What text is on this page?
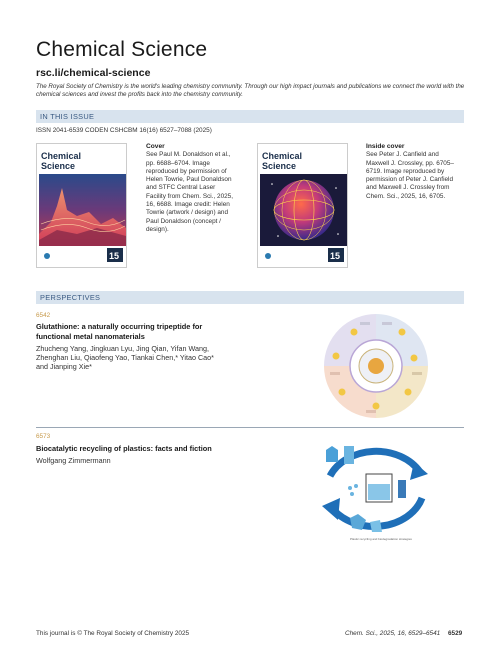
Chemical Science
rsc.li/chemical-science
The Royal Society of Chemistry is the world's leading chemistry community. Through our high impact journals and publications we connect the world with the chemical sciences and invest the profits back into the chemistry community.
IN THIS ISSUE
ISSN 2041-6539 CODEN CSHCBM 16(16) 6527–7088 (2025)
Chemical
Science
15
Cover
See Paul M. Donaldson et al., pp. 6688–6704. Image reproduced by permission of Helen Towrie, Paul Donaldson and STFC Central Laser Facility from Chem. Sci., 2025, 16, 6688. Image credit: Helen Towrie (artwork / design) and Paul Donaldson (concept / design).
Chemical
Science
15
Inside cover
See Peter J. Canfield and Maxwell J. Crossley, pp. 6705–6719. Image reproduced by permission of Peter J. Canfield and Maxwell J. Crossley from Chem. Sci., 2025, 16, 6705.
PERSPECTIVES
6542
Glutathione: a naturally occurring tripeptide for
functional metal nanomaterials
Zhucheng Yang, Jingkuan Lyu, Jing Qian, Yifan Wang,
Zhenghan Liu, Qiaofeng Yao, Tiankai Chen,* Yitao Cao*
and Jianping Xie*
6573
Biocatalytic recycling of plastics: facts and fiction
Wolfgang Zimmermann
Plastic recycling and biodegradation strategies
This journal is © The Royal Society of Chemistry 2025	Chem. Sci., 2025, 16, 6529–6541 6529
